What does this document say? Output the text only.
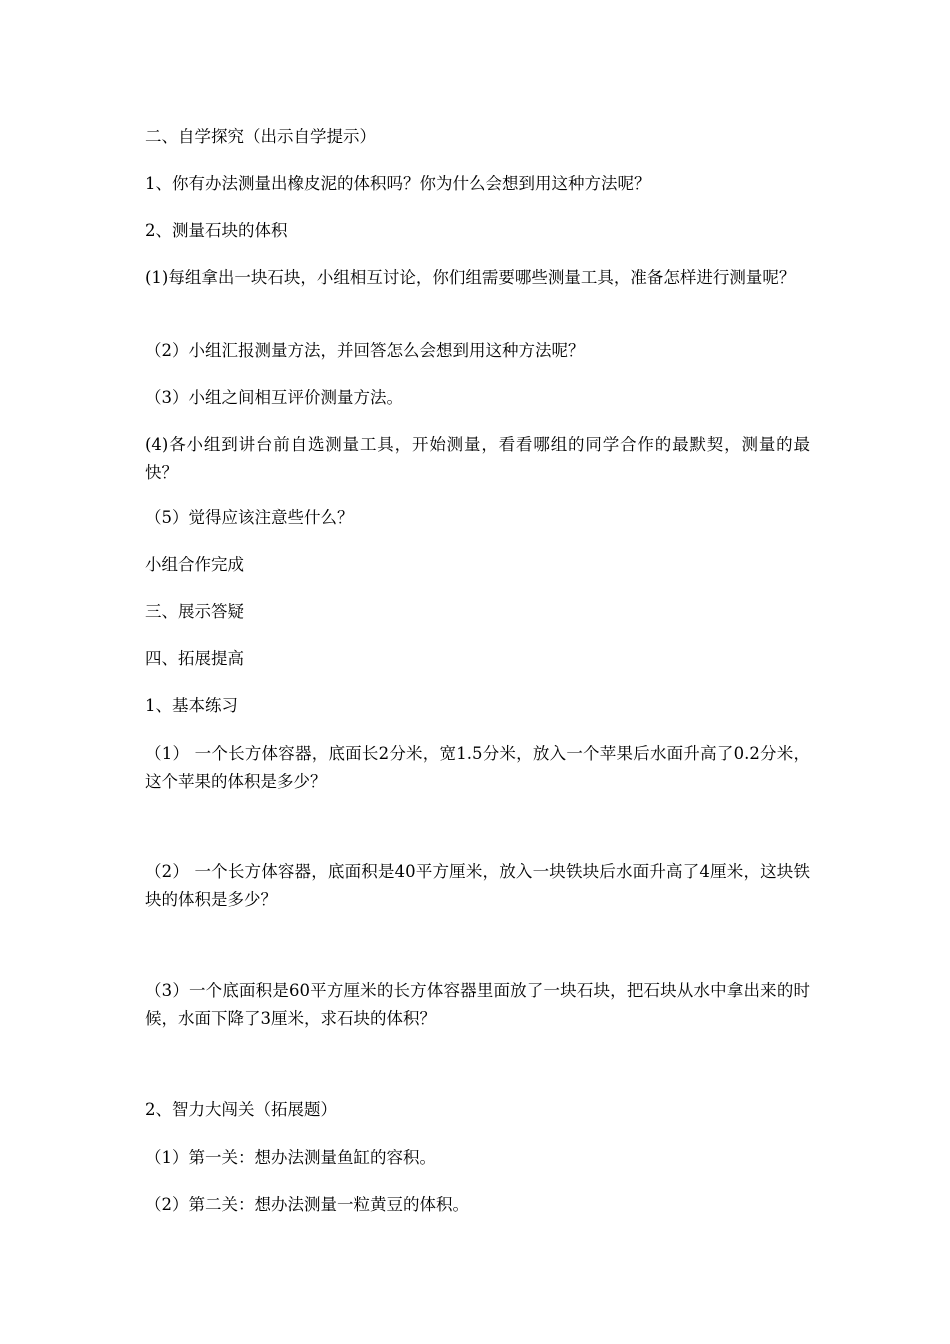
二、自学探究（出示自学提示）
1、你有办法测量出橡皮泥的体积吗？你为什么会想到用这种方法呢？
2、测量石块的体积
(1)每组拿出一块石块，小组相互讨论，你们组需要哪些测量工具，准备怎样进行测量呢？
（2）小组汇报测量方法，并回答怎么会想到用这种方法呢？
（3）小组之间相互评价测量方法。
(4)各小组到讲台前自选测量工具，开始测量，看看哪组的同学合作的最默契，测量的最快？
（5）觉得应该注意些什么？
小组合作完成
三、展示答疑
四、拓展提高
1、基本练习
（1） 一个长方体容器，底面长2分米，宽1.5分米，放入一个苹果后水面升高了0.2分米，这个苹果的体积是多少？
（2） 一个长方体容器，底面积是40平方厘米，放入一块铁块后水面升高了4厘米，这块铁块的体积是多少？
（3）一个底面积是60平方厘米的长方体容器里面放了一块石块，把石块从水中拿出来的时候，水面下降了3厘米，求石块的体积？
2、智力大闯关（拓展题）
（1）第一关：想办法测量鱼缸的容积。
（2）第二关：想办法测量一粒黄豆的体积。
